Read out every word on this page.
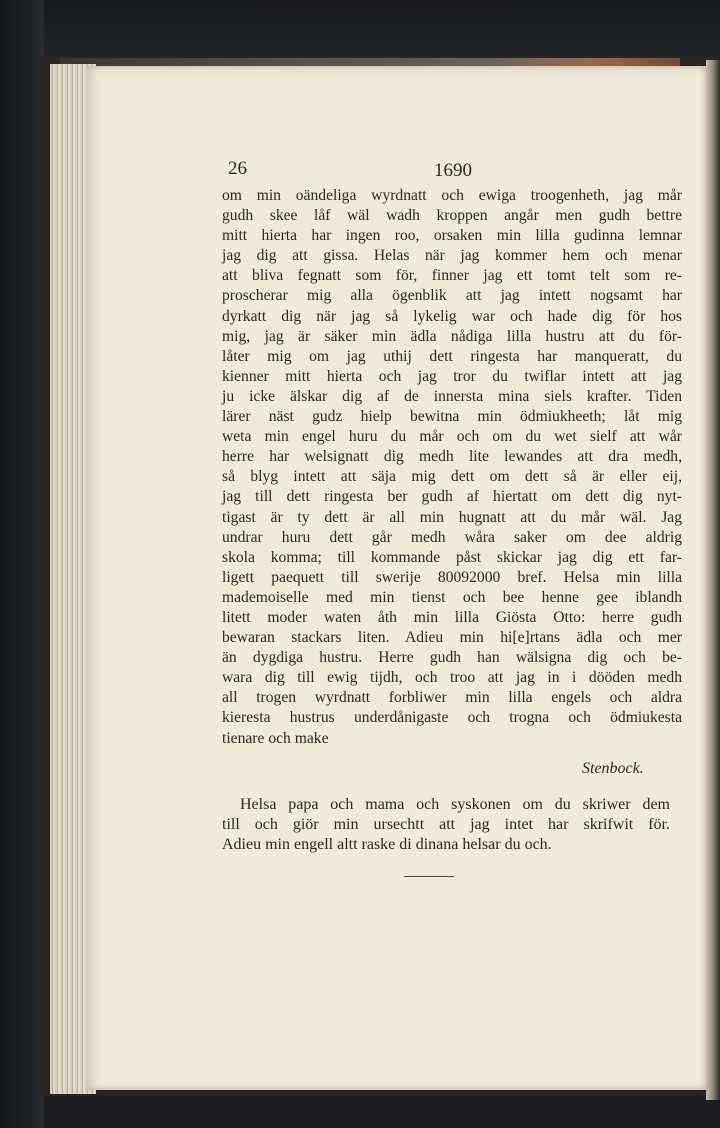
26	1690
om min oändeliga wyrdnatt och ewiga troogenheth, jag mår
gudh skee låf wäl wadh kroppen angår men gudh bettre
mitt hierta har ingen roo, orsaken min lilla gudinna lemnar
jag dig att gissa. Helas när jag kommer hem och menar
att bliva fegnatt som för, finner jag ett tomt telt som re-
proscherar mig alla ögenblik att jag intett nogsamt har
dyrkatt dig när jag så lykelig war och hade dig för hos
mig, jag är säker min ädla nådiga lilla hustru att du för-
låter mig om jag uthij dett ringesta har manqueratt, du
kienner mitt hierta och jag tror du twiflar intett att jag
ju icke älskar dig af de innersta mina siels krafter. Tiden
lärer näst gudz hielp bewitna min ödmiukheeth; låt mig
weta min engel huru du mår och om du wet sielf att wår
herre har welsignatt dig medh lite lewandes att dra medh,
så blyg intett att säja mig dett om dett så är eller eij,
jag till dett ringesta ber gudh af hiertatt om dett dig nyt-
tigast är ty dett är all min hugnatt att du mår wäl. Jag
undrar huru dett går medh wåra saker om dee aldrig
skola komma; till kommande påst skickar jag dig ett far-
ligett paequett till swerije 80092000 bref. Helsa min lilla
mademoiselle med min tienst och bee henne gee iblandh
litett moder waten åth min lilla Giösta Otto: herre gudh
bewaran stackars liten. Adieu min hi[e]rtans ädla och mer
än dygdiga hustru. Herre gudh han wälsigna dig och be-
wara dig till ewig tijdh, och troo att jag in i dööden medh
all trogen wyrdnatt forbliwer min lilla engels och aldra
kieresta hustrus underdånigaste och trogna och ödmiukesta
tienare och make
Stenbock.
Helsa papa och mama och syskonen om du skriwer dem
till och giör min ursechtt att jag intet har skrifwit för.
Adieu min engell altt raske di dinana helsar du och.
